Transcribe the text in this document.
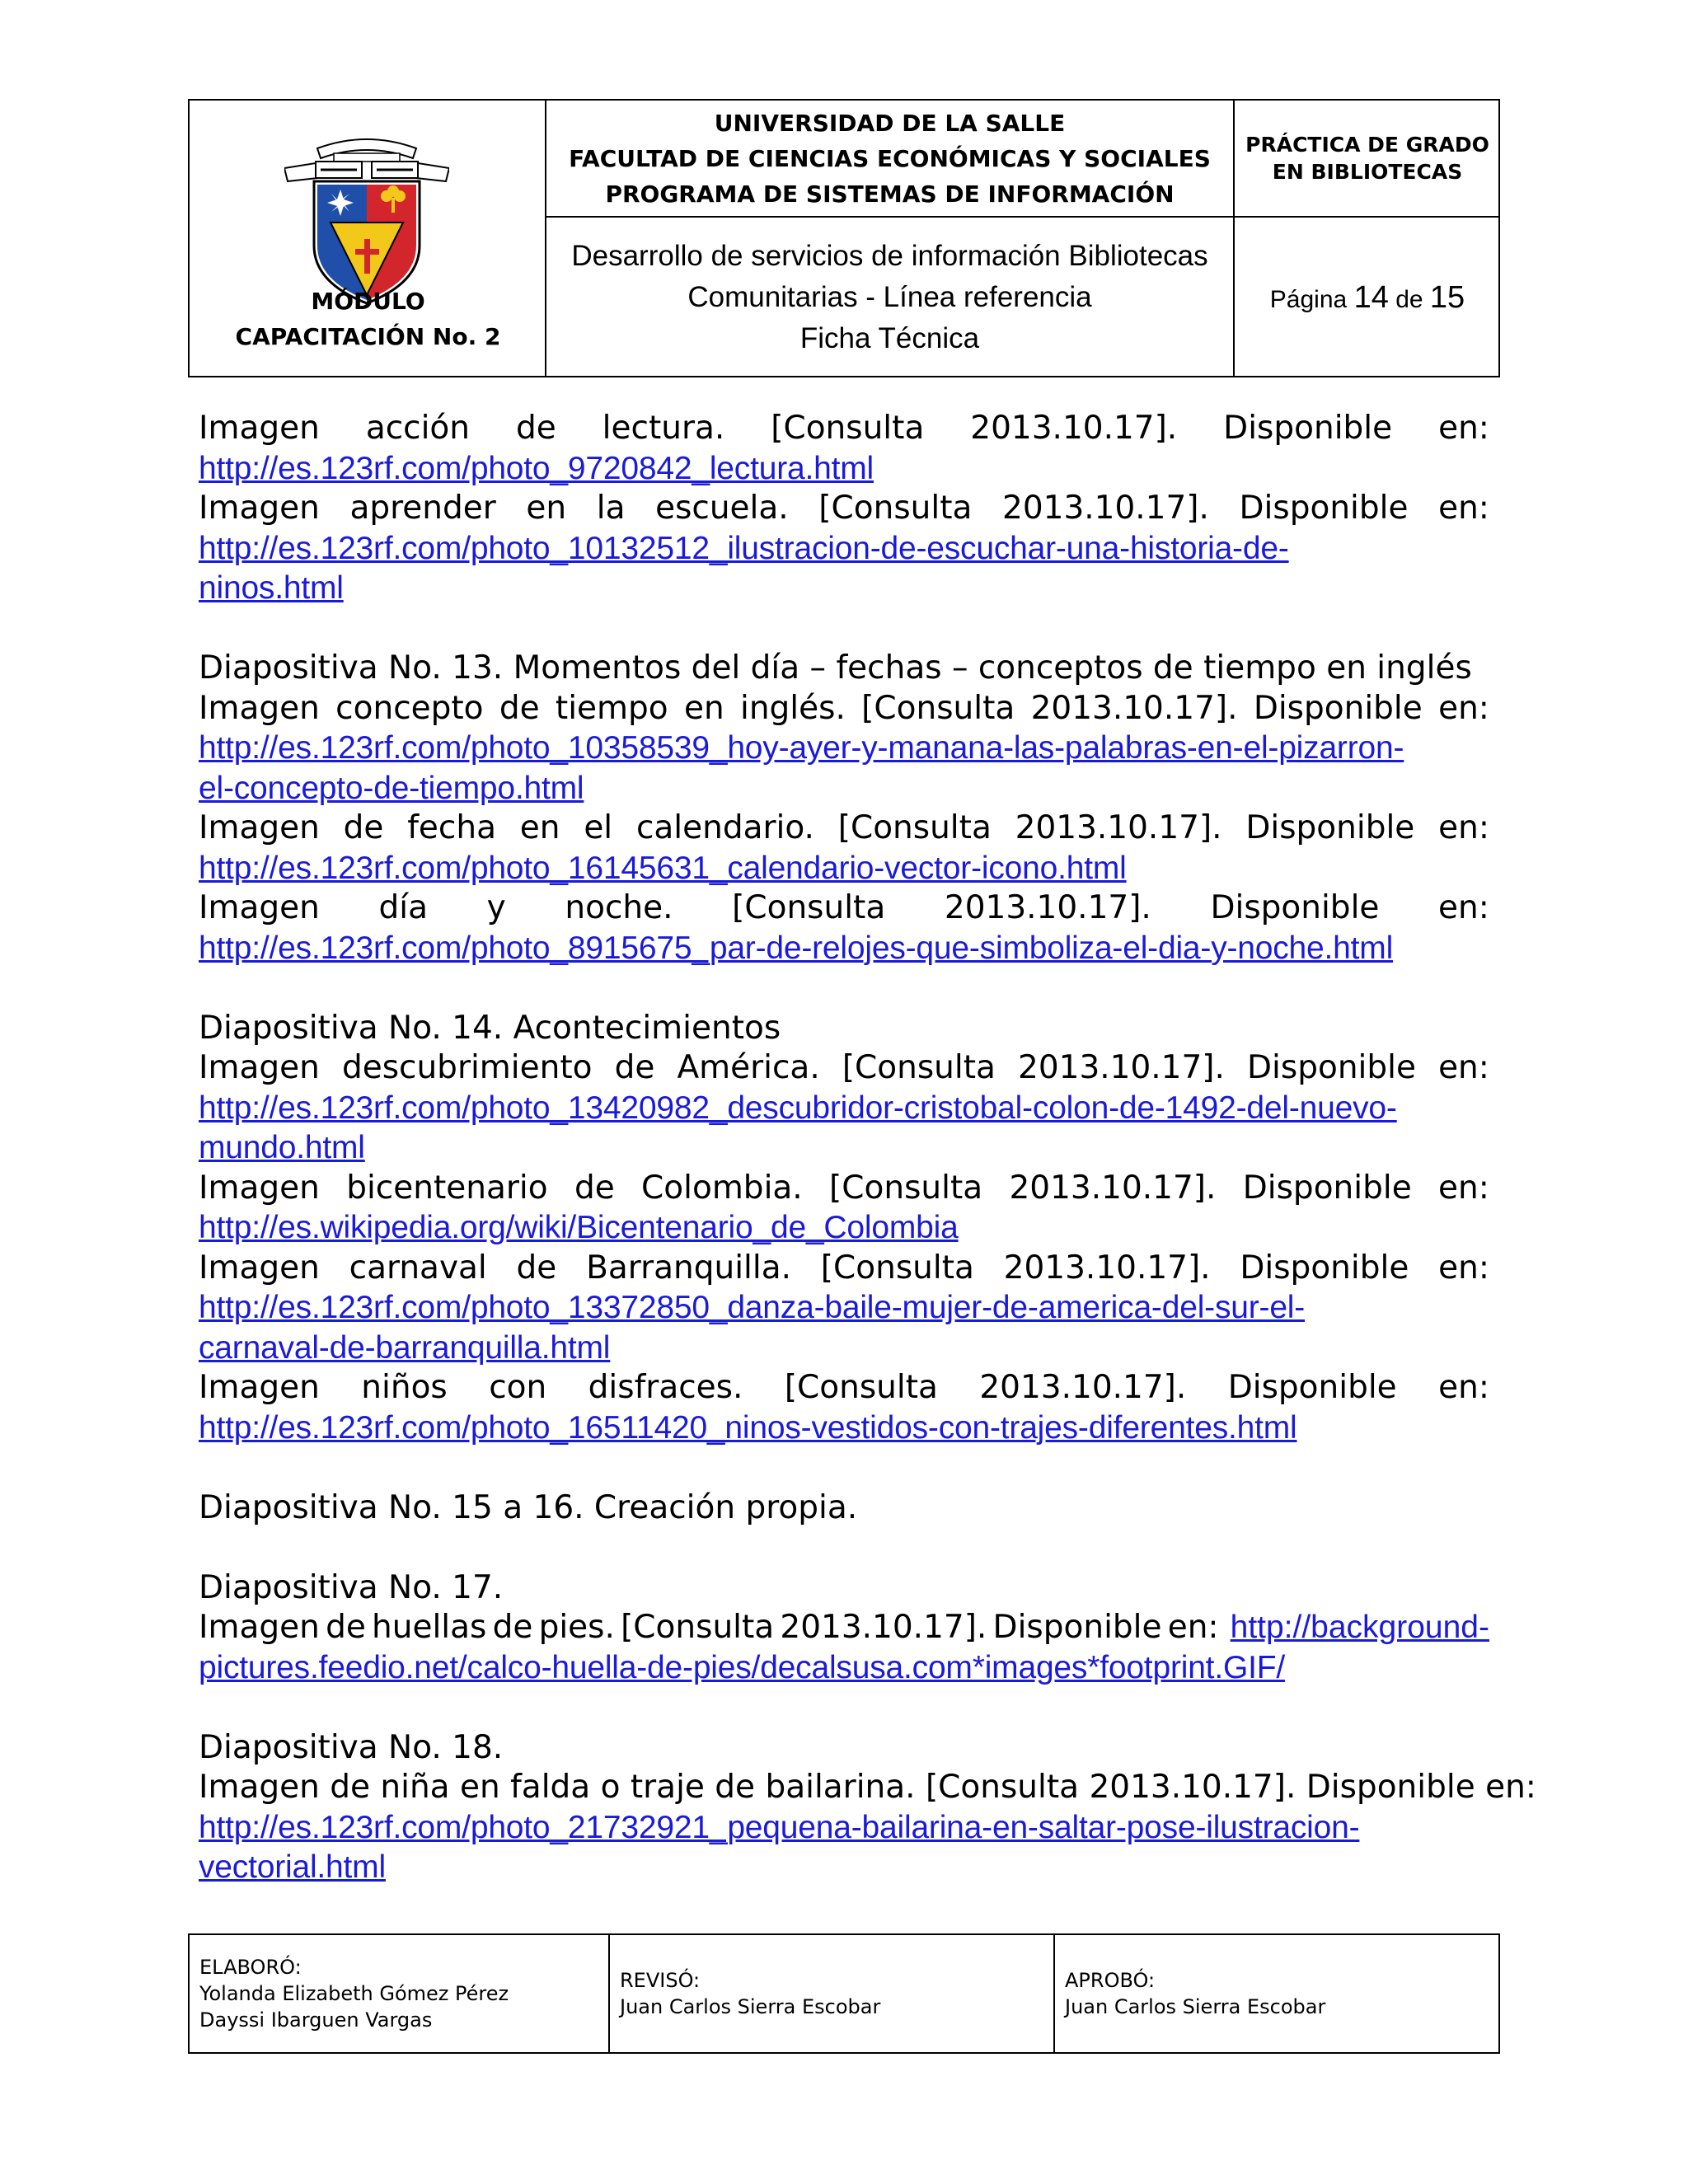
MÓDULO
CAPACITACIÓN No. 2
UNIVERSIDAD DE LA SALLE
FACULTAD DE CIENCIAS ECONÓMICAS Y SOCIALES
PROGRAMA DE SISTEMAS DE INFORMACIÓN
Desarrollo de servicios de información Bibliotecas
Comunitarias - Línea referencia
Ficha Técnica
PRÁCTICA DE GRADO
EN BIBLIOTECAS
Página 14 de 15
Imagen acción de lectura. [Consulta 2013.10.17]. Disponible en:
http://es.123rf.com/photo_9720842_lectura.html
Imagen aprender en la escuela. [Consulta 2013.10.17]. Disponible en:
http://es.123rf.com/photo_10132512_ilustracion-de-escuchar-una-historia-de-
ninos.html
Diapositiva No. 13. Momentos del día – fechas – conceptos de tiempo en inglés
Imagen concepto de tiempo en inglés. [Consulta 2013.10.17]. Disponible en:
http://es.123rf.com/photo_10358539_hoy-ayer-y-manana-las-palabras-en-el-pizarron-
el-concepto-de-tiempo.html
Imagen de fecha en el calendario. [Consulta 2013.10.17]. Disponible en:
http://es.123rf.com/photo_16145631_calendario-vector-icono.html
Imagen día y noche. [Consulta 2013.10.17]. Disponible en:
http://es.123rf.com/photo_8915675_par-de-relojes-que-simboliza-el-dia-y-noche.html
Diapositiva No. 14. Acontecimientos
Imagen descubrimiento de América. [Consulta 2013.10.17]. Disponible en:
http://es.123rf.com/photo_13420982_descubridor-cristobal-colon-de-1492-del-nuevo-
mundo.html
Imagen bicentenario de Colombia. [Consulta 2013.10.17]. Disponible en:
http://es.wikipedia.org/wiki/Bicentenario_de_Colombia
Imagen carnaval de Barranquilla. [Consulta 2013.10.17]. Disponible en:
http://es.123rf.com/photo_13372850_danza-baile-mujer-de-america-del-sur-el-
carnaval-de-barranquilla.html
Imagen niños con disfraces. [Consulta 2013.10.17]. Disponible en:
http://es.123rf.com/photo_16511420_ninos-vestidos-con-trajes-diferentes.html
Diapositiva No. 15 a 16. Creación propia.
Diapositiva No. 17.
Imagen de huellas de pies. [Consulta 2013.10.17]. Disponible en: http://background-
pictures.feedio.net/calco-huella-de-pies/decalsusa.com*images*footprint.GIF/
Diapositiva No. 18.
Imagen de niña en falda o traje de bailarina. [Consulta 2013.10.17]. Disponible en:
http://es.123rf.com/photo_21732921_pequena-bailarina-en-saltar-pose-ilustracion-
vectorial.html
ELABORÓ:
Yolanda Elizabeth Gómez Pérez
Dayssi Ibarguen Vargas
REVISÓ:
Juan Carlos Sierra Escobar
APROBÓ:
Juan Carlos Sierra Escobar
